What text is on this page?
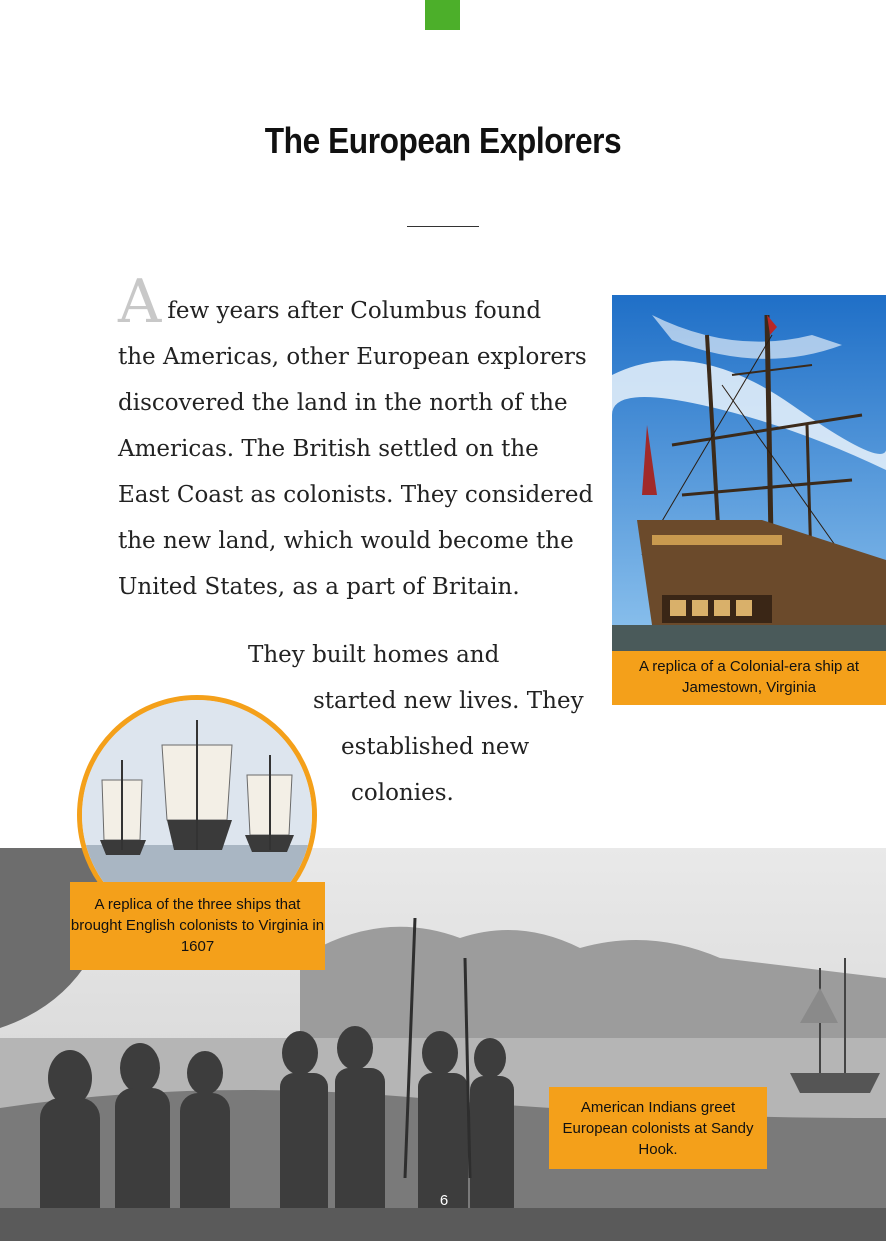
The European Explorers
Afew years after Columbus found
the Americas, other European explorers
discovered the land in the north of the
Americas. The British settled on the
East Coast as colonists. They considered
the new land, which would become the
United States, as a part of Britain.
They built homes and
started new lives. They
established new
colonies.
A replica of a Colonial-era ship at Jamestown, Virginia
A replica of the three ships that brought English colonists to Virginia in 1607
American Indians greet European colonists at Sandy Hook.
6
